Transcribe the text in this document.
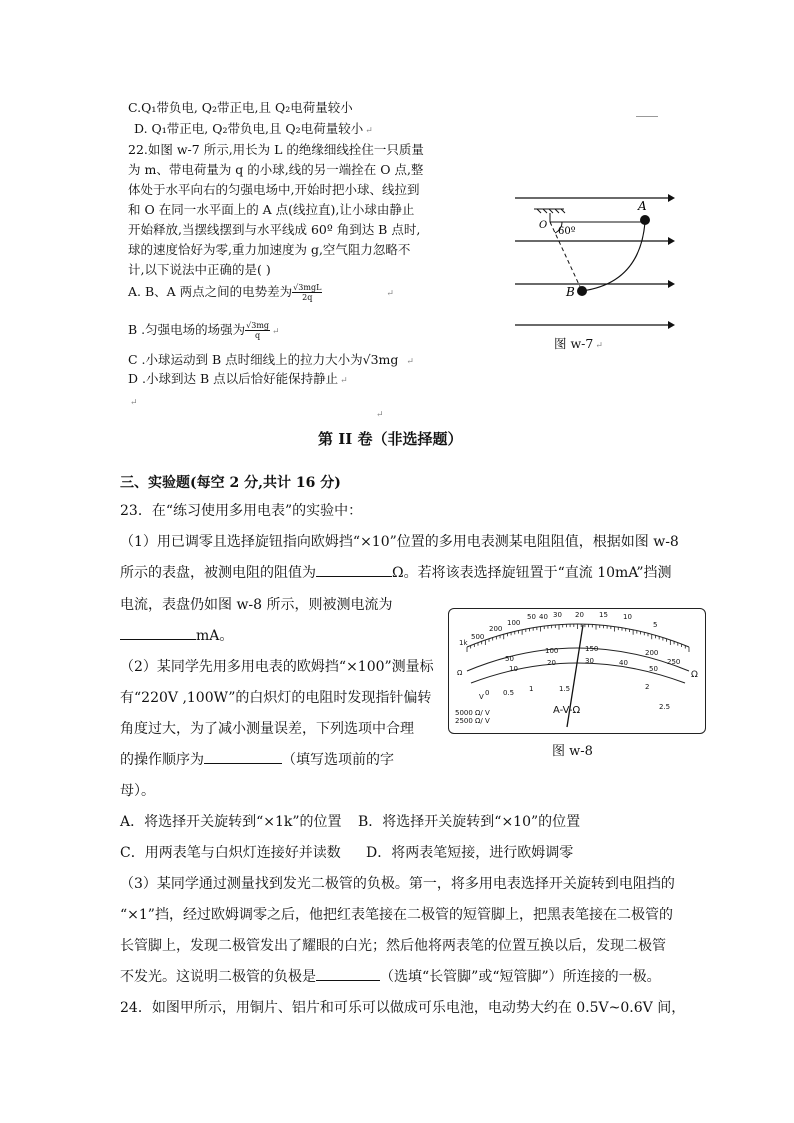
C.Q₁带负电, Q₂带正电,且 Q₂电荷量较小
D. Q₁带正电, Q₂带负电,且 Q₂电荷量较小 ↵
22.如图 w-7 所示,用长为 L 的绝缘细线拴住一只质量
为 m、带电荷量为 q 的小球,线的另一端拴在 O 点,整
体处于水平向右的匀强电场中,开始时把小球、线拉到
和 O 在同一水平面上的 A 点(线拉直),让小球由静止
开始释放,当摆线摆到与水平线成 60º 角到达 B 点时,
球的速度恰好为零,重力加速度为 g,空气阻力忽略不
计,以下说法中正确的是( )
A. B、A 两点之间的电势差为 $\frac{\text{√3mgL}}{2q}$	↵
B .匀强电场的场强为 $\frac{√3mg}{q}$ ↵
C .小球运动到 B 点时细线上的拉力大小为√3mg ↵
D .小球到达 B 点以后恰好能保持静止 ↵
↵
A
B
O
60º
图 w-7 ↵
↵
第 II 卷（非选择题）
三、实验题(每空 2 分,共计 16 分)
23．在“练习使用多用电表”的实验中：
（1）用已调零且选择旋钮指向欧姆挡“×10”位置的多用电表测某电阻阻值，根据如图 w-8
所示的表盘，被测电阻的阻值为	Ω。若将该表选择旋钮置于“直流 10mA”挡测
电流，表盘仍如图 w-8 所示，则被测电流为
mA。
（2）某同学先用多用电表的欧姆挡“×100”测量标
有“220V ,100W”的白炽灯的电阻时发现指针偏转
角度过大，为了减小测量误差，下列选项中合理
的操作顺序为	（填写选项前的字
母）。
1k
500
200
100
50 40 30 20 15 10
5
Ω
Ω
250
200
150
100
50
50
40
30
20
10
0 0.5 1	1.5	2
2.5
V
5000 Ω/ V
2500 Ω/ V
A-V-Ω
图 w-8
A．将选择开关旋转到“×1k”的位置 B．将选择开关旋转到“×10”的位置
C．用两表笔与白炽灯连接好并读数 D．将两表笔短接，进行欧姆调零
（3）某同学通过测量找到发光二极管的负极。第一，将多用电表选择开关旋转到电阻挡的
“×1”挡，经过欧姆调零之后，他把红表笔接在二极管的短管脚上，把黑表笔接在二极管的
长管脚上，发现二极管发出了耀眼的白光；然后他将两表笔的位置互换以后，发现二极管
不发光。这说明二极管的负极是	（选填“长管脚”或“短管脚”）所连接的一极。
24．如图甲所示，用铜片、铝片和可乐可以做成可乐电池，电动势大约在 0.5V~0.6V 间，
